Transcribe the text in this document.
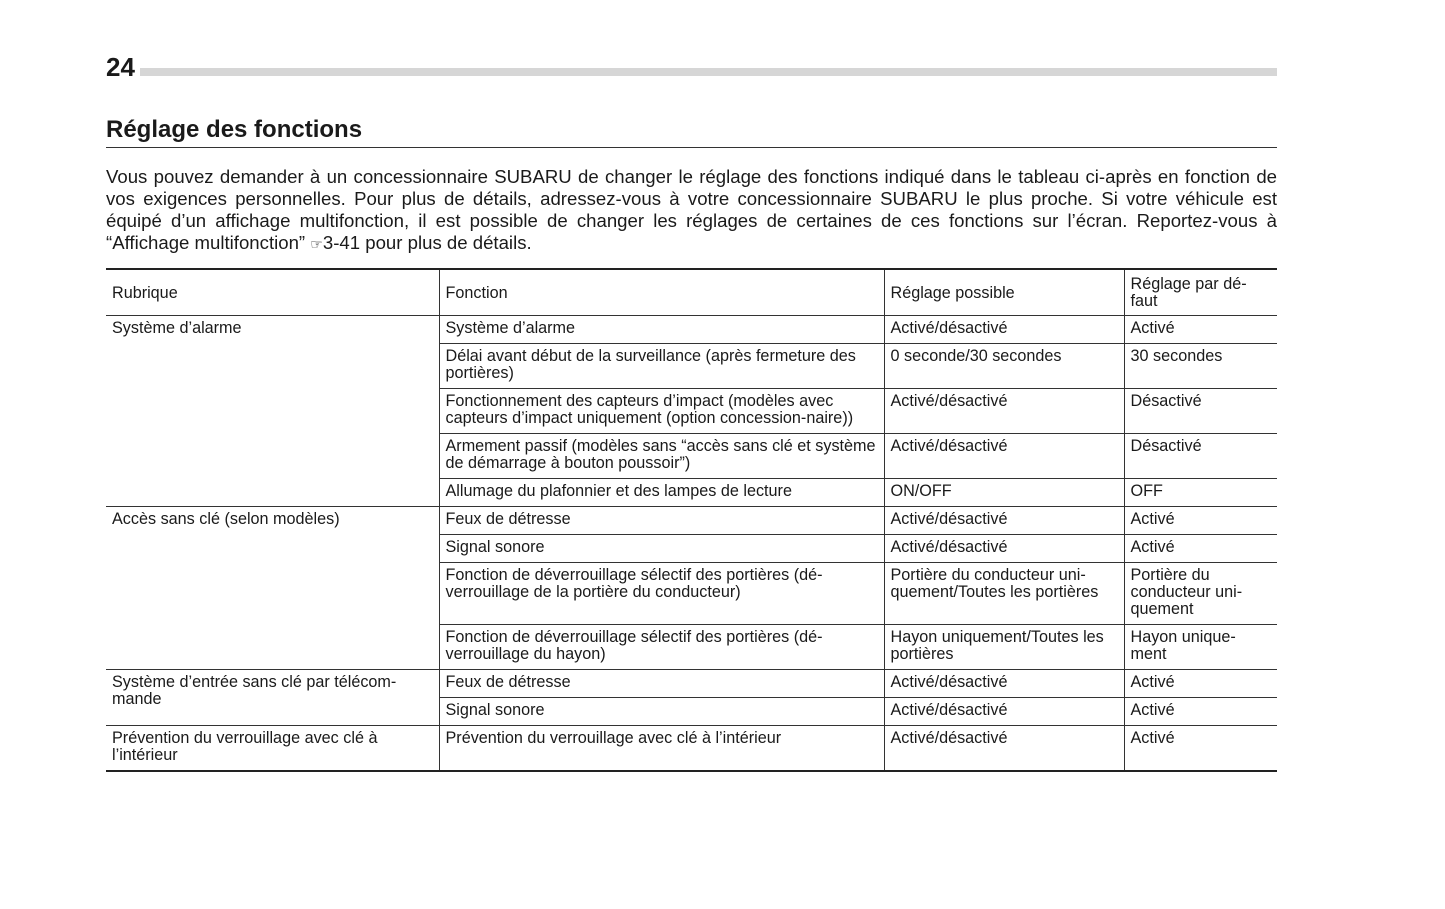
24
Réglage des fonctions

Vous pouvez demander à un concessionnaire SUBARU de changer le réglage des fonctions indiqué dans le tableau ci-après en fonction de vos exigences personnelles. Pour plus de détails, adressez-vous à votre concessionnaire SUBARU le plus proche. Si votre véhicule est équipé d’un affichage multifonction, il est possible de changer les réglages de certaines de ces fonctions sur l’écran. Reportez-vous à “Affichage multifonction” ☞3-41 pour plus de détails.

Rubrique	Fonction	Réglage possible	Réglage par dé-faut
Système d’alarme	Système d’alarme	Activé/désactivé	Activé
	Délai avant début de la surveillance (après fermeture des portières)	0 seconde/30 secondes	30 secondes
	Fonctionnement des capteurs d’impact (modèles avec capteurs d’impact uniquement (option concession-naire))	Activé/désactivé	Désactivé
	Armement passif (modèles sans “accès sans clé et système de démarrage à bouton poussoir”)	Activé/désactivé	Désactivé
	Allumage du plafonnier et des lampes de lecture	ON/OFF	OFF
Accès sans clé (selon modèles)	Feux de détresse	Activé/désactivé	Activé
	Signal sonore	Activé/désactivé	Activé
	Fonction de déverrouillage sélectif des portières (dé-verrouillage de la portière du conducteur)	Portière du conducteur uni-quement/Toutes les portières	Portière du conducteur uni-quement
	Fonction de déverrouillage sélectif des portières (dé-verrouillage du hayon)	Hayon uniquement/Toutes les portières	Hayon unique-ment
Système d’entrée sans clé par télécom-mande	Feux de détresse	Activé/désactivé	Activé
	Signal sonore	Activé/désactivé	Activé
Prévention du verrouillage avec clé à l’intérieur	Prévention du verrouillage avec clé à l’intérieur	Activé/désactivé	Activé
